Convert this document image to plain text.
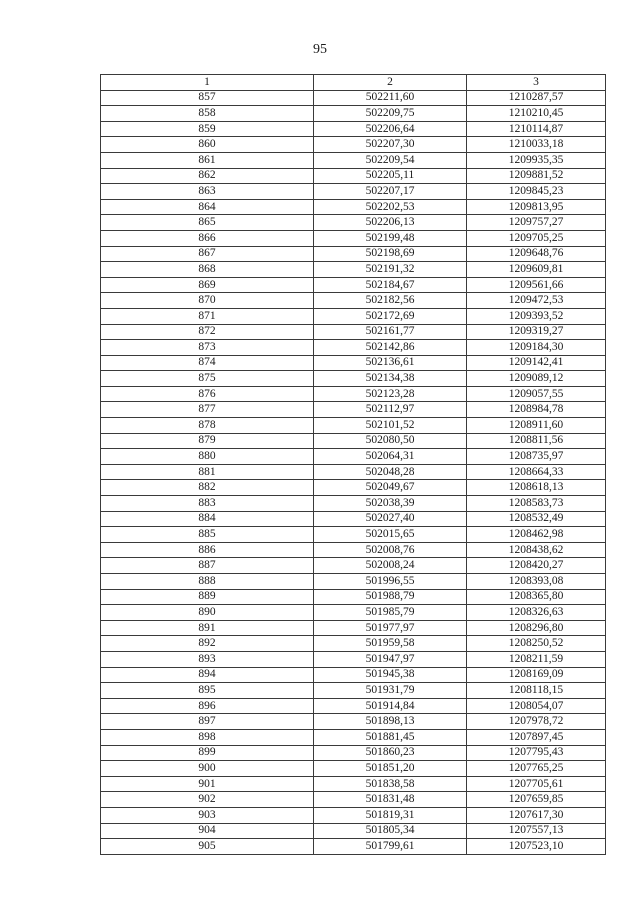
95
1	2	3
857	502211,60	1210287,57
858	502209,75	1210210,45
859	502206,64	1210114,87
860	502207,30	1210033,18
861	502209,54	1209935,35
862	502205,11	1209881,52
863	502207,17	1209845,23
864	502202,53	1209813,95
865	502206,13	1209757,27
866	502199,48	1209705,25
867	502198,69	1209648,76
868	502191,32	1209609,81
869	502184,67	1209561,66
870	502182,56	1209472,53
871	502172,69	1209393,52
872	502161,77	1209319,27
873	502142,86	1209184,30
874	502136,61	1209142,41
875	502134,38	1209089,12
876	502123,28	1209057,55
877	502112,97	1208984,78
878	502101,52	1208911,60
879	502080,50	1208811,56
880	502064,31	1208735,97
881	502048,28	1208664,33
882	502049,67	1208618,13
883	502038,39	1208583,73
884	502027,40	1208532,49
885	502015,65	1208462,98
886	502008,76	1208438,62
887	502008,24	1208420,27
888	501996,55	1208393,08
889	501988,79	1208365,80
890	501985,79	1208326,63
891	501977,97	1208296,80
892	501959,58	1208250,52
893	501947,97	1208211,59
894	501945,38	1208169,09
895	501931,79	1208118,15
896	501914,84	1208054,07
897	501898,13	1207978,72
898	501881,45	1207897,45
899	501860,23	1207795,43
900	501851,20	1207765,25
901	501838,58	1207705,61
902	501831,48	1207659,85
903	501819,31	1207617,30
904	501805,34	1207557,13
905	501799,61	1207523,10
